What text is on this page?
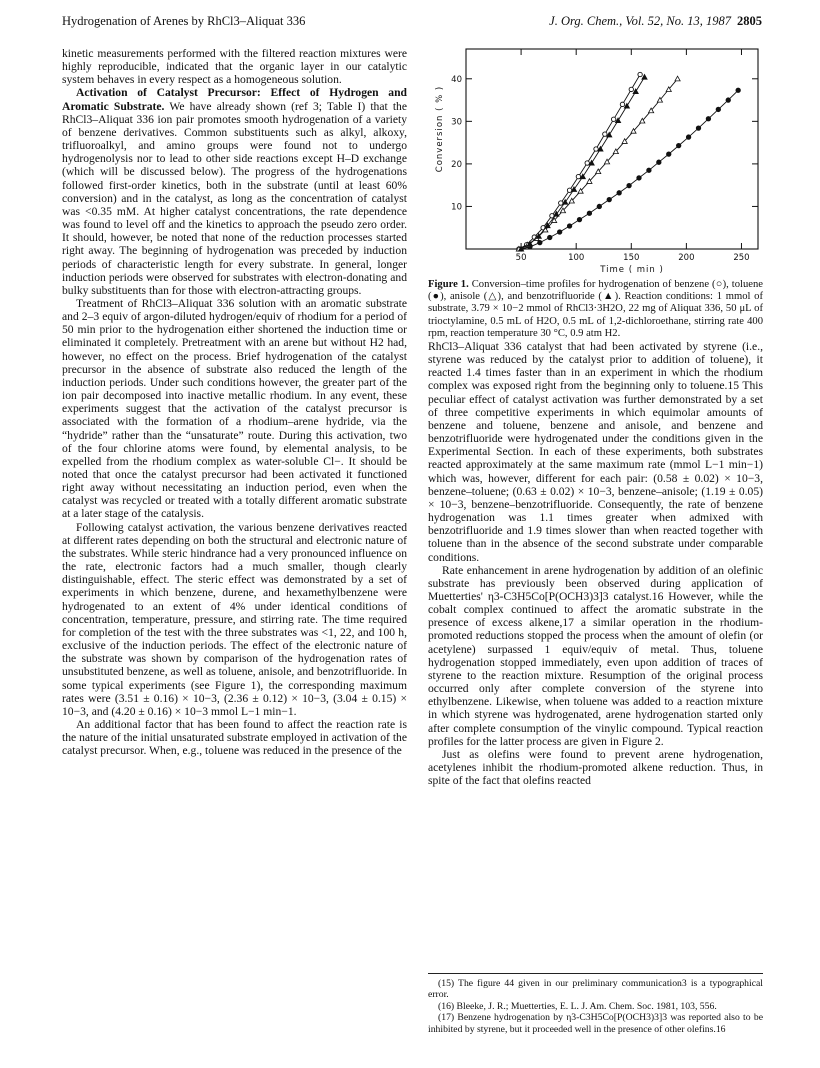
Hydrogenation of Arenes by RhCl3–Aliquat 336	J. Org. Chem., Vol. 52, No. 13, 1987 2805

kinetic measurements performed with the filtered reaction mixtures were highly reproducible, indicated that the organic layer in our catalytic system behaves in every respect as a homogeneous solution.

Activation of Catalyst Precursor: Effect of Hydrogen and Aromatic Substrate. We have already shown (ref 3; Table I) that the RhCl3–Aliquat 336 ion pair promotes smooth hydrogenation of a variety of benzene derivatives. Common substituents such as alkyl, alkoxy, trifluoroalkyl, and amino groups were found not to undergo hydrogenolysis nor to lead to other side reactions except H–D exchange (which will be discussed below). The progress of the hydrogenations followed first-order kinetics, both in the substrate (until at least 60% conversion) and in the catalyst, as long as the concentration of catalyst was <0.35 mM. At higher catalyst concentrations, the rate dependence was found to level off and the kinetics to approach the pseudo zero order. It should, however, be noted that none of the reduction processes started right away. The beginning of hydrogenation was preceded by induction periods of characteristic length for every substrate. In general, longer induction periods were observed for substrates with electron-donating and bulky substituents than for those with electron-attracting groups.

Treatment of RhCl3–Aliquat 336 solution with an aromatic substrate and 2–3 equiv of argon-diluted hydrogen/equiv of rhodium for a period of 50 min prior to the hydrogenation either shortened the induction time or eliminated it completely. Pretreatment with an arene but without H2 had, however, no effect on the process. Brief hydrogenation of the catalyst precursor in the absence of substrate also reduced the length of the induction periods. Under such conditions however, the greater part of the ion pair decomposed into inactive metallic rhodium. In any event, these experiments suggest that the activation of the catalyst precursor is associated with the formation of a rhodium–arene hydride, via the “hydride” rather than the “unsaturate” route. During this activation, two of the four chlorine atoms were found, by elemental analysis, to be expelled from the rhodium complex as water-soluble Cl−. It should be noted that once the catalyst precursor had been activated it functioned right away without necessitating an induction period, even when the catalyst was recycled or treated with a totally different aromatic substrate at a later stage of the catalysis.

Following catalyst activation, the various benzene derivatives reacted at different rates depending on both the structural and electronic nature of the substrates. While steric hindrance had a very pronounced influence on the rate, electronic factors had a much smaller, though clearly distinguishable, effect. The steric effect was demonstrated by a set of experiments in which benzene, durene, and hexamethylbenzene were hydrogenated to an extent of 4% under identical conditions of concentration, temperature, pressure, and stirring rate. The time required for completion of the test with the three substrates was <1, 22, and 100 h, exclusive of the induction periods. The effect of the electronic nature of the substrate was shown by comparison of the hydrogenation rates of unsubstituted benzene, as well as toluene, anisole, and benzotrifluoride. In some typical experiments (see Figure 1), the corresponding maximum rates were (3.51 ± 0.16) × 10−3, (2.36 ± 0.12) × 10−3, (3.04 ± 0.15) × 10−3, and (4.20 ± 0.16) × 10−3 mmol L−1 min−1.

An additional factor that has been found to affect the reaction rate is the nature of the initial unsaturated substrate employed in activation of the catalyst precursor. When, e.g., toluene was reduced in the presence of the

50	100	150	200	250
10
20
30
40
Time ( min )
Conversion ( % )
Figure 1. Conversion–time profiles for hydrogenation of benzene (○), toluene (●), anisole (△), and benzotrifluoride (▲). Reaction conditions: 1 mmol of substrate, 3.79 × 10−2 mmol of RhCl3·3H2O, 22 mg of Aliquat 336, 50 μL of trioctylamine, 0.5 mL of H2O, 0.5 mL of 1,2-dichloroethane, stirring rate 400 rpm, reaction temperature 30 °C, 0.9 atm H2.

RhCl3–Aliquat 336 catalyst that had been activated by styrene (i.e., styrene was reduced by the catalyst prior to addition of toluene), it reacted 1.4 times faster than in an experiment in which the rhodium complex was exposed right from the beginning only to toluene.15 This peculiar effect of catalyst activation was further demonstrated by a set of three competitive experiments in which equimolar amounts of benzene and toluene, benzene and anisole, and benzene and benzotrifluoride were hydrogenated under the conditions given in the Experimental Section. In each of these experiments, both substrates reacted approximately at the same maximum rate (mmol L−1 min−1) which was, however, different for each pair: (0.58 ± 0.02) × 10−3, benzene–toluene; (0.63 ± 0.02) × 10−3, benzene–anisole; (1.19 ± 0.05) × 10−3, benzene–benzotrifluoride. Consequently, the rate of benzene hydrogenation was 1.1 times greater when admixed with benzotrifluoride and 1.9 times slower than when reacted together with toluene than in the absence of the second substrate under comparable conditions.

Rate enhancement in arene hydrogenation by addition of an olefinic substrate has previously been observed during application of Muetterties' η3-C3H5Co[P(OCH3)3]3 catalyst.16 However, while the cobalt complex continued to affect the aromatic substrate in the presence of excess alkene,17 a similar operation in the rhodium-promoted reductions stopped the process when the amount of olefin (or acetylene) surpassed 1 equiv/equiv of metal. Thus, toluene hydrogenation stopped immediately, even upon addition of traces of styrene to the reaction mixture. Resumption of the original process occurred only after complete conversion of the styrene into ethylbenzene. Likewise, when toluene was added to a reaction mixture in which styrene was hydrogenated, arene hydrogenation started only after complete consumption of the vinylic compound. Typical reaction profiles for the latter process are given in Figure 2.

Just as olefins were found to prevent arene hydrogenation, acetylenes inhibit the rhodium-promoted alkene reduction. Thus, in spite of the fact that olefins reacted

(15) The figure 44 given in our preliminary communication3 is a typographical error.

(16) Bleeke, J. R.; Muetterties, E. L. J. Am. Chem. Soc. 1981, 103, 556.

(17) Benzene hydrogenation by η3-C3H5Co[P(OCH3)3]3 was reported also to be inhibited by styrene, but it proceeded well in the presence of other olefins.16
